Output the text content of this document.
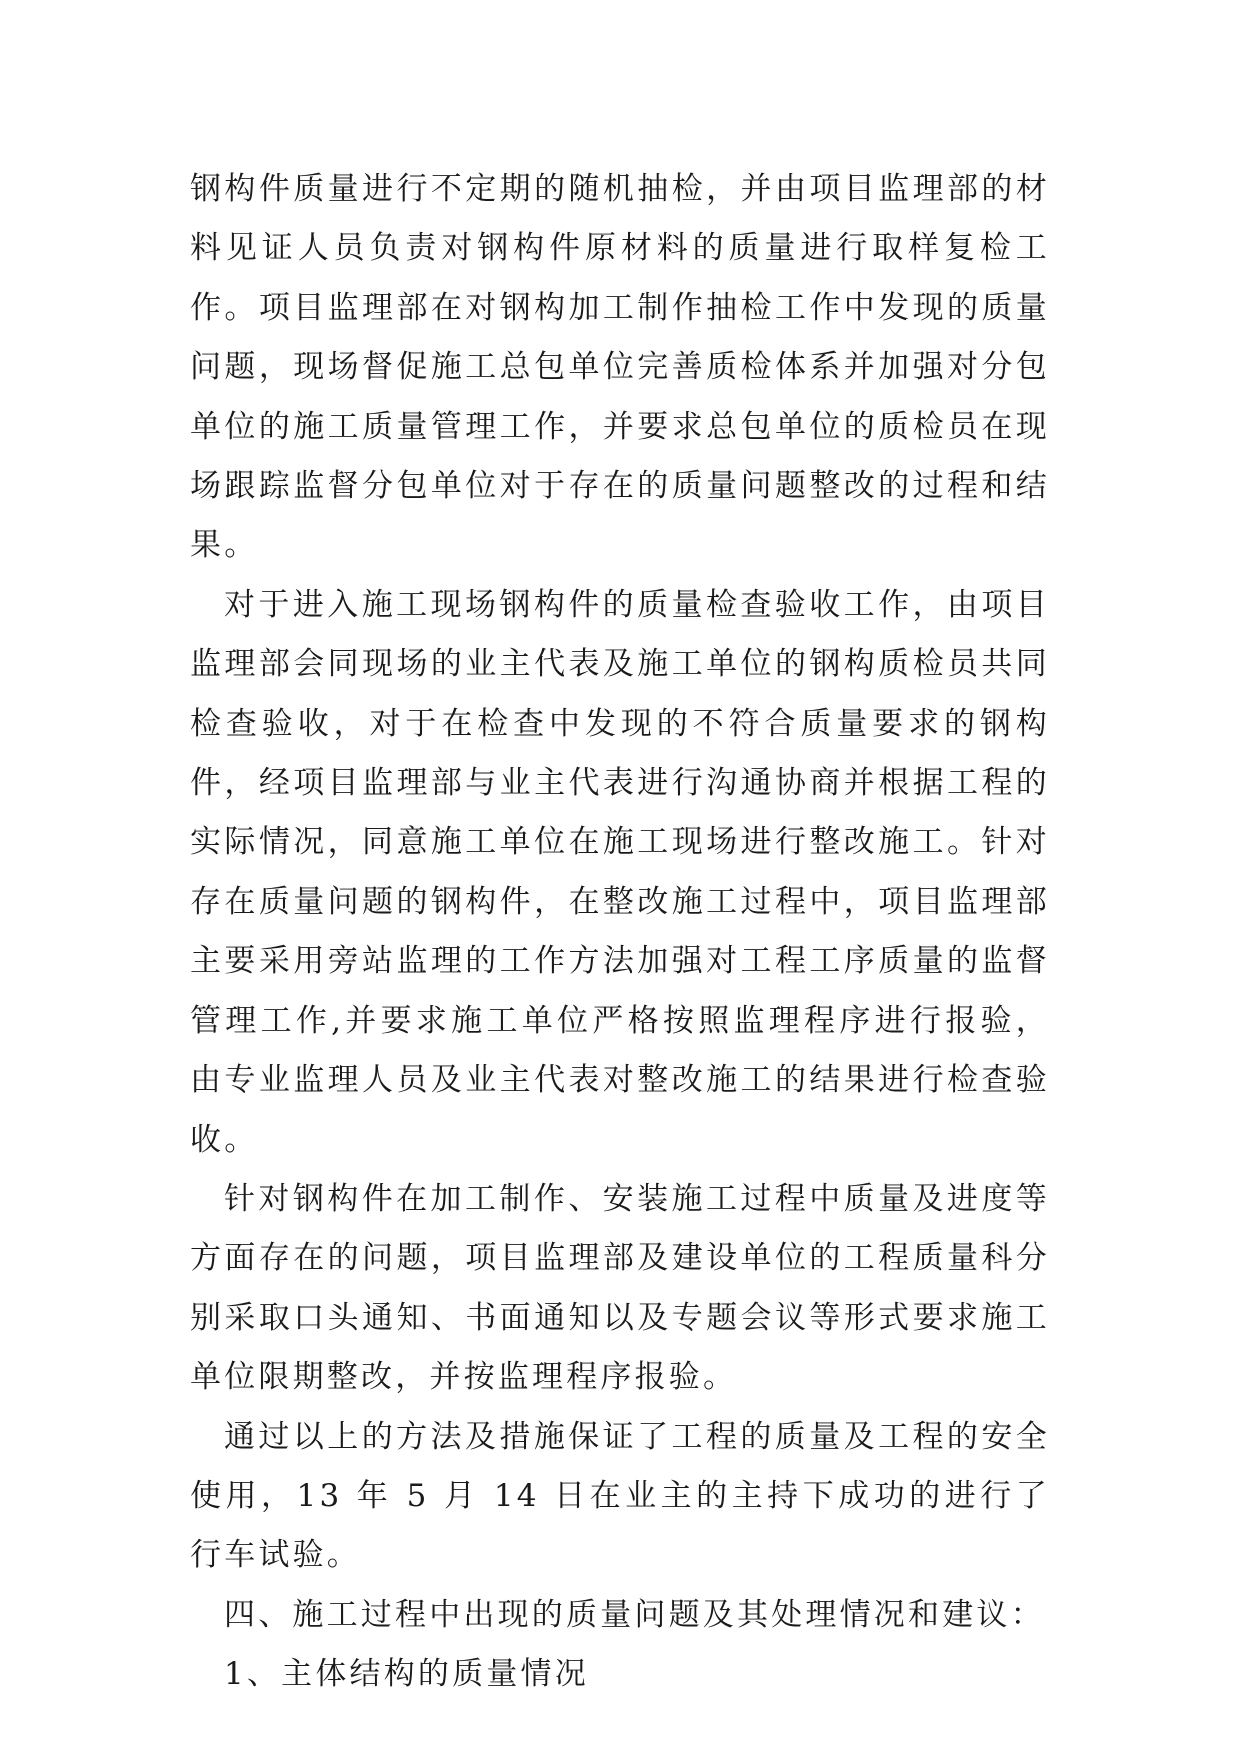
钢构件质量进行不定期的随机抽检，并由项目监理部的材料见证人员负责对钢构件原材料的质量进行取样复检工作。项目监理部在对钢构加工制作抽检工作中发现的质量问题，现场督促施工总包单位完善质检体系并加强对分包单位的施工质量管理工作，并要求总包单位的质检员在现场跟踪监督分包单位对于存在的质量问题整改的过程和结果。

对于进入施工现场钢构件的质量检查验收工作，由项目监理部会同现场的业主代表及施工单位的钢构质检员共同检查验收，对于在检查中发现的不符合质量要求的钢构件，经项目监理部与业主代表进行沟通协商并根据工程的实际情况，同意施工单位在施工现场进行整改施工。针对存在质量问题的钢构件，在整改施工过程中，项目监理部主要采用旁站监理的工作方法加强对工程工序质量的监督管理工作,并要求施工单位严格按照监理程序进行报验，由专业监理人员及业主代表对整改施工的结果进行检查验收。

针对钢构件在加工制作、安装施工过程中质量及进度等方面存在的问题，项目监理部及建设单位的工程质量科分别采取口头通知、书面通知以及专题会议等形式要求施工单位限期整改，并按监理程序报验。

通过以上的方法及措施保证了工程的质量及工程的安全使用，13 年 5 月 14 日在业主的主持下成功的进行了行车试验。

四、施工过程中出现的质量问题及其处理情况和建议：

1、主体结构的质量情况
